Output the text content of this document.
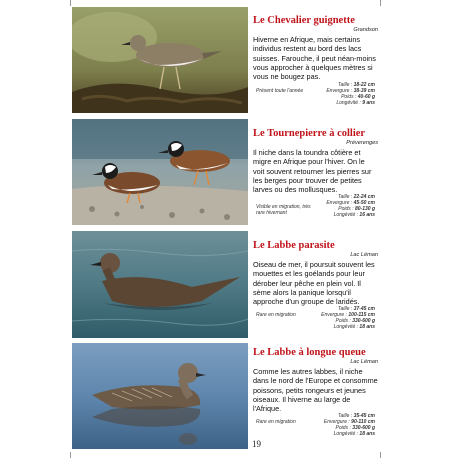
Le Chevalier guignette
Grandson
Hiverne en Afrique, mais certains individus restent au bord des lacs suisses. Farouche, il peut néan-moins vous approcher à quelques mètres si vous ne bougez pas.
Présent toute l'année
Taille : 18-22 cm
Envergure : 38-39 cm
Poids : 40-60 g
Longévité : 9 ans
Le Tournepierre à collier
Préverenges
Il niche dans la toundra côtière et migre en Afrique pour l'hiver. On le voit souvent retourner les pierres sur les berges pour trouver de petites larves ou des mollusques.
Visible en migration, très rare hivernant
Taille : 22-24 cm
Envergure : 45-50 cm
Poids : 80-130 g
Longévité : 16 ans
Le Labbe parasite
Lac Léman
Oiseau de mer, il poursuit souvent les mouettes et les goélands pour leur dérober leur pêche en plein vol. Il sème alors la panique lorsqu'il approche d'un groupe de laridés.
Rare en migration
Taille : 37-45 cm
Envergure : 100-115 cm
Poids : 330-600 g
Longévité : 18 ans
Le Labbe à longue queue
Lac Léman
Comme les autres labbes, il niche dans le nord de l'Europe et consomme poissons, petits rongeurs et jeunes oiseaux. Il hiverne au large de l'Afrique.
Rare en migration
Taille : 35-45 cm
Envergure : 90-110 cm
Poids : 330-600 g
Longévité : 18 ans
19
